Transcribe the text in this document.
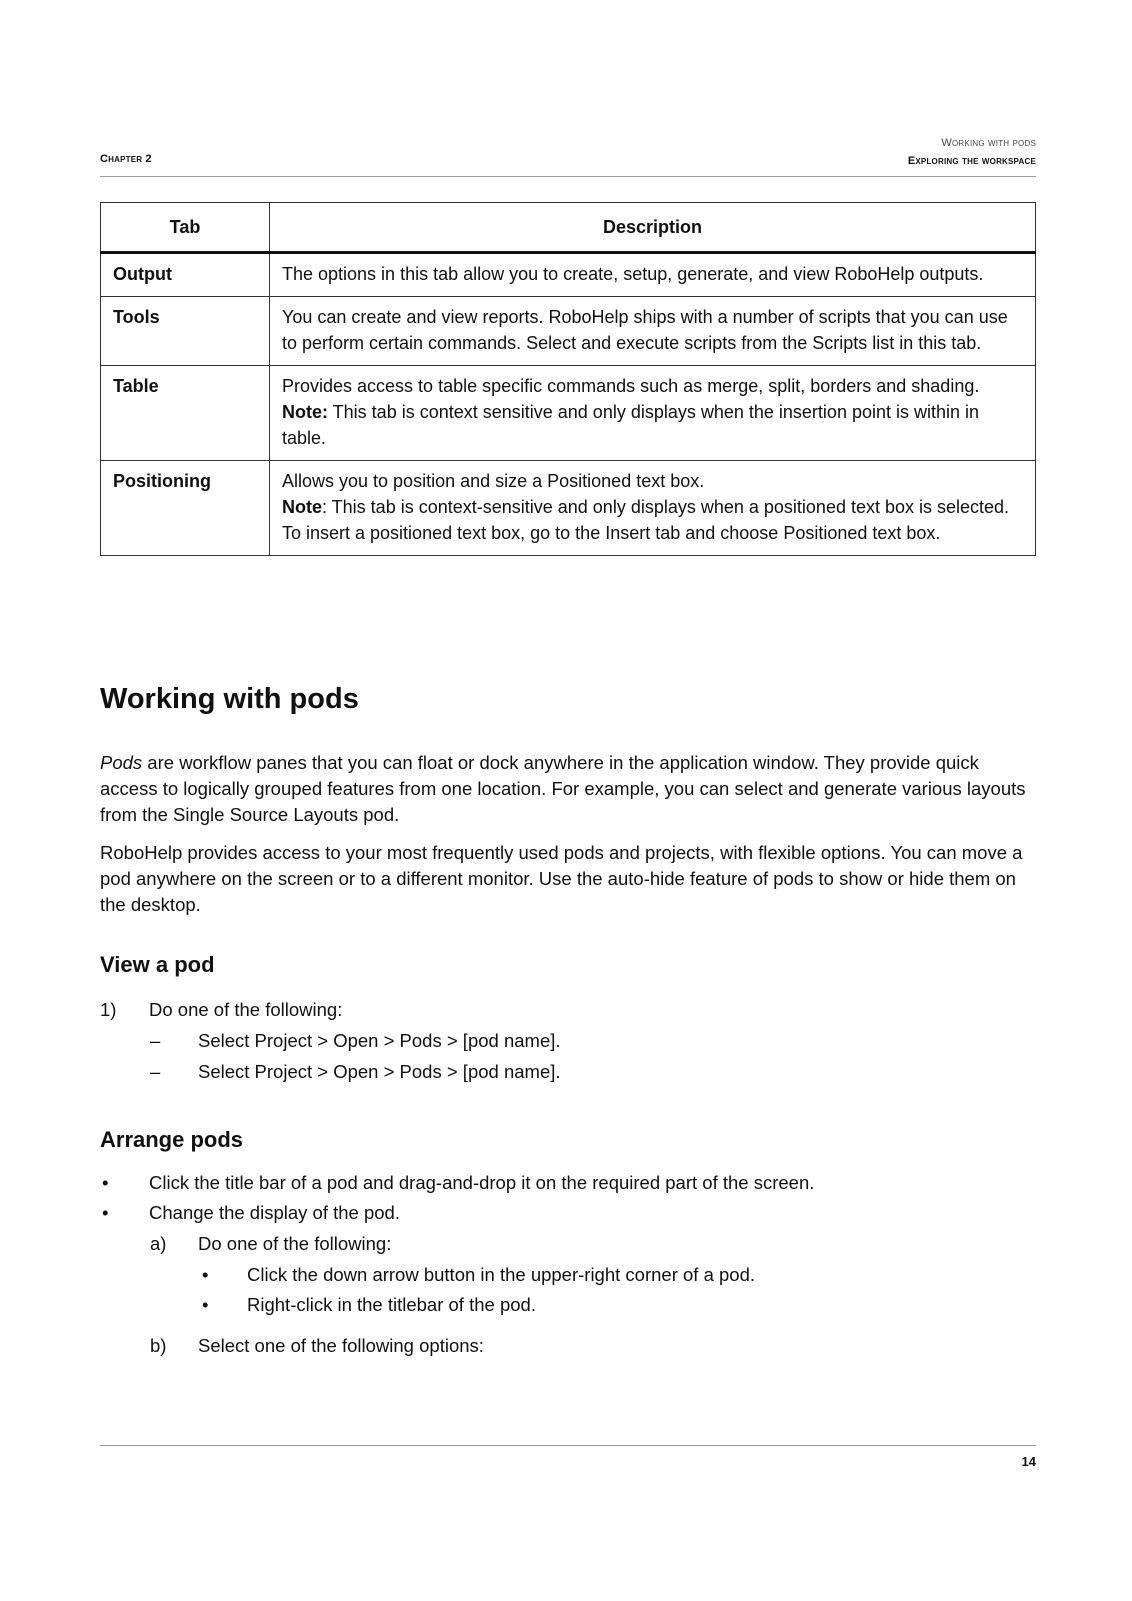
Chapter 2
Working with pods
Exploring the workspace
Tab	Description
Output	The options in this tab allow you to create, setup, generate, and view RoboHelp outputs.
Tools	You can create and view reports. RoboHelp ships with a number of scripts that you can use to perform certain commands. Select and execute scripts from the Scripts list in this tab.
Table	Provides access to table specific commands such as merge, split, borders and shading.
Note: This tab is context sensitive and only displays when the insertion point is within in table.

Positioning	Allows you to position and size a Positioned text box.
Note: This tab is context-sensitive and only displays when a positioned text box is selected. To insert a positioned text box, go to the Insert tab and choose Positioned text box.
Working with pods

Pods are workflow panes that you can float or dock anywhere in the application window. They provide quick access to logically grouped features from one location. For example, you can select and generate various layouts from the Single Source Layouts pod.

RoboHelp provides access to your most frequently used pods and projects, with flexible options. You can move a pod anywhere on the screen or to a different monitor. Use the auto-hide feature of pods to show or hide them on the desktop.

View a pod
1) Do one of the following:
– Select Project > Open > Pods > [pod name].
– Select Project > Open > Pods > [pod name].
Arrange pods
• Click the title bar of a pod and drag-and-drop it on the required part of the screen.
• Change the display of the pod.
a) Do one of the following:
• Click the down arrow button in the upper-right corner of a pod.
• Right-click in the titlebar of the pod.
b) Select one of the following options:
14
